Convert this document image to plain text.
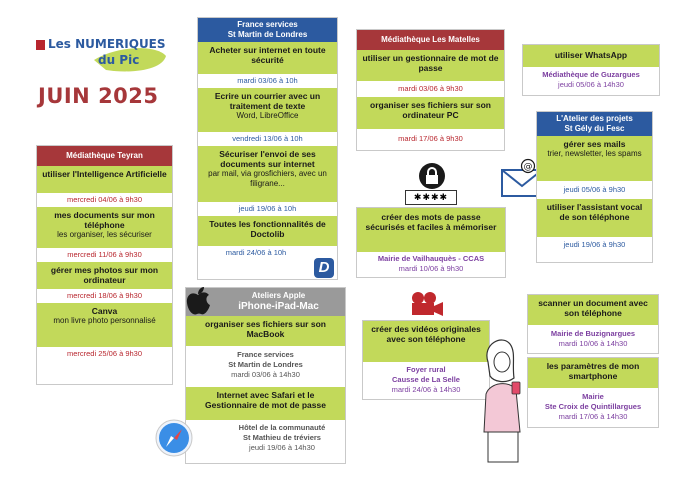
Les NUMERIQUES
du Pic
JUIN 2025
Médiathèque Teyran
utiliser l'Intelligence Artificielle
mercredi 04/06 à 9h30
mes documents sur mon téléphone
les organiser, les sécuriser
mercredi 11/06 à 9h30
gérer mes photos sur mon ordinateur
mercredi 18/06 à 9h30
Canva
mon livre photo personnalisé
mercredi 25/06 à 9h30
France services
St Martin de Londres
Acheter sur internet en toute sécurité
mardi 03/06 à 10h
Ecrire un courrier avec un traitement de texte
Word, LibreOffice
vendredi 13/06 à 10h
Sécuriser l'envoi de ses documents sur internet
par mail, via grosfichiers, avec un filigrane...
jeudi 19/06 à 10h
Toutes les fonctionnalités de Doctolib
mardi 24/06 à 10h
D
Ateliers Apple
iPhone-iPad-Mac
organiser ses fichiers sur son MacBook
France services
St Martin de Londres
mardi 03/06 à 14h30
Internet avec Safari et le Gestionnaire de mot de passe
Hôtel de la communauté
St Mathieu de tréviers
jeudi 19/06 à 14h30
Médiathèque Les Matelles
utiliser un gestionnaire de mot de passe
mardi 03/06 à 9h30
organiser ses fichiers sur son ordinateur PC
mardi 17/06 à 9h30
✱✱✱✱
créer des mots de passe sécurisés et faciles à mémoriser
Mairie de Vailhauquès - CCAS
mardi 10/06 à 9h30
créer des vidéos originales avec son téléphone
Foyer rural
Causse de La Selle
mardi 24/06 à 14h30
utiliser WhatsApp
Médiathèque de Guzargues
jeudi 05/06 à 14h30
@
L'Atelier des projets
St Gély du Fesc
gérer ses mails
trier, newsletter, les spams
jeudi 05/06 à 9h30
utiliser l'assistant vocal de son téléphone
jeudi 19/06 à 9h30
scanner un document avec son téléphone
Mairie de Buzignargues
mardi 10/06 à 14h30
les paramètres de mon smartphone
Mairie
Ste Croix de Quintillargues
mardi 17/06 à 14h30
